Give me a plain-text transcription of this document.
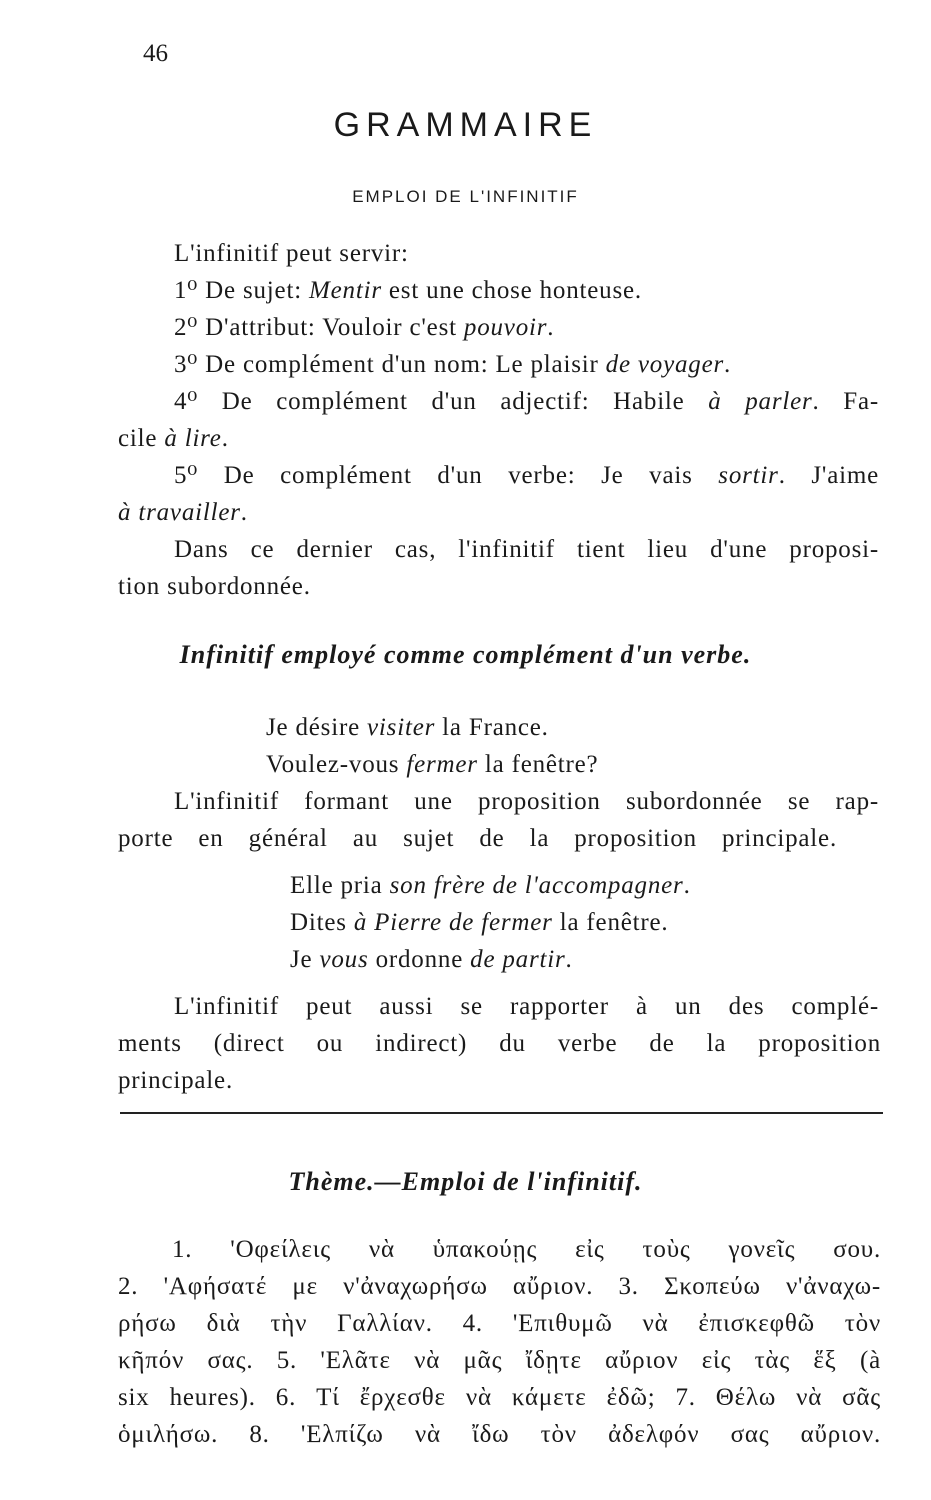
46
GRAMMAIRE
EMPLOI DE L'INFINITIF
L'infinitif peut servir:
1⁰ De sujet: Mentir est une chose honteuse.
2⁰ D'attribut: Vouloir c'est pouvoir.
3⁰ De complément d'un nom: Le plaisir de voyager.
4⁰ De complément d'un adjectif: Habile à parler. Fa-
cile à lire.
5⁰ De complément d'un verbe: Je vais sortir. J'aime
à travailler.
Dans ce dernier cas, l'infinitif tient lieu d'une proposi-
tion subordonnée.
Infinitif employé comme complément d'un verbe.
Je désire visiter la France.
Voulez-vous fermer la fenêtre?
L'infinitif formant une proposition subordonnée se rap-
porte en général au sujet de la proposition principale.
Elle pria son frère de l'accompagner.
Dites à Pierre de fermer la fenêtre.
Je vous ordonne de partir.
L'infinitif peut aussi se rapporter à un des complé-
ments (direct ou indirect) du verbe de la proposition
principale.
Thème.—Emploi de l'infinitif.
1. 'Οφείλεις νὰ ὑπακούῃς εἰς τοὺς γονεῖς σου.
2. 'Αφήσατέ με ν'ἀναχωρήσω αὔριον. 3. Σκοπεύω ν'ἀναχω-
ρήσω διὰ τὴν Γαλλίαν. 4. 'Επιθυμῶ νὰ ἐπισκεφθῶ τὸν
κῆπόν σας. 5. 'Ελᾶτε νὰ μᾶς ἴδῃτε αὔριον εἰς τὰς ἕξ (à
six heures). 6. Τί ἔρχεσθε νὰ κάμετε ἐδῶ; 7. Θέλω νὰ σᾶς
ὁμιλήσω. 8. 'Ελπίζω νὰ ἴδω τὸν ἀδελφόν σας αὔριον.
